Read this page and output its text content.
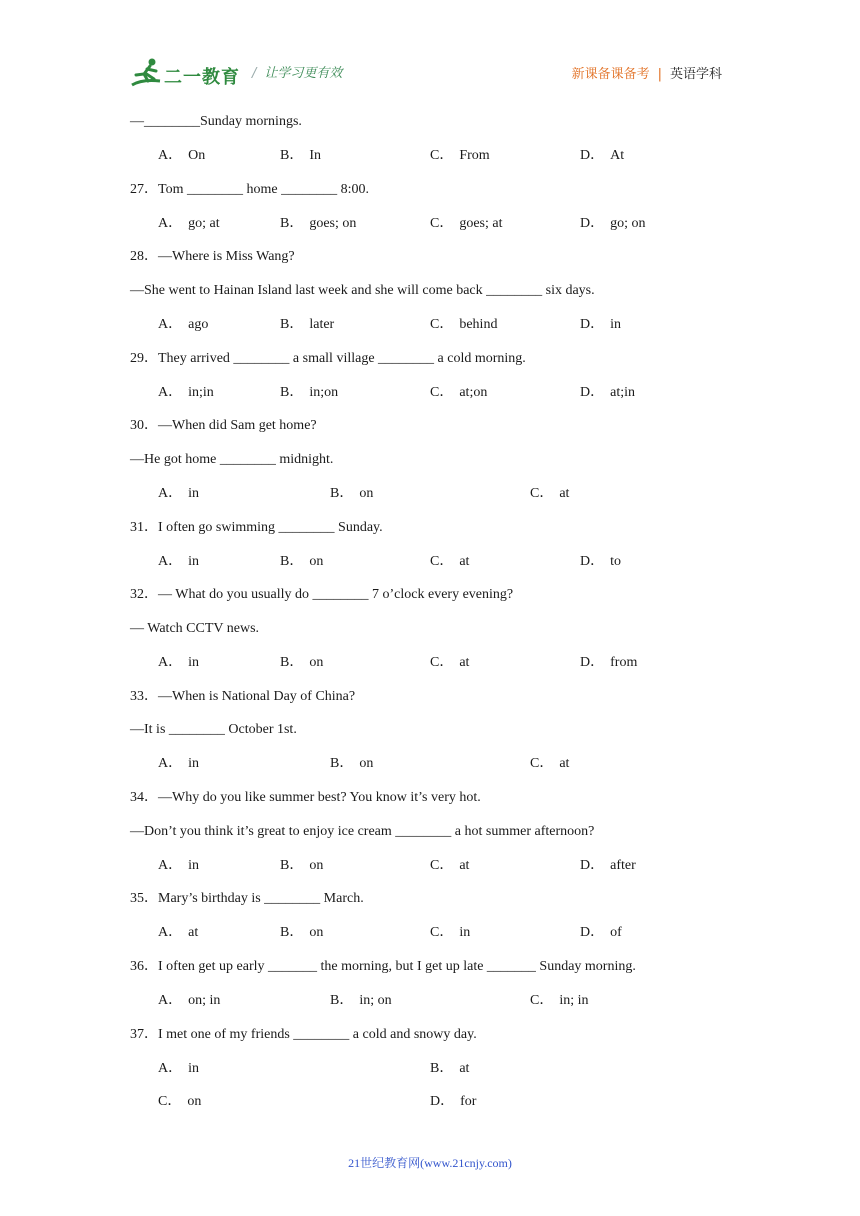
二一教育 / 让学习更有效	新课备课备考 | 英语学科
—________Sunday mornings.
A． On	B． In	C． From	D． At
27．Tom ________ home ________ 8:00.
A． go; at	B． goes; on	C． goes; at	D． go; on
28．—Where is Miss Wang?
—She went to Hainan Island last week and she will come back ________ six days.
A． ago	B． later	C． behind	D． in
29．They arrived ________ a small village ________ a cold morning.
A． in;in	B． in;on	C． at;on	D． at;in
30．—When did Sam get home?
—He got home ________ midnight.
A． in	B． on	C． at
31．I often go swimming ________ Sunday.
A． in	B． on	C． at	D． to
32．— What do you usually do ________ 7 o’clock every evening?
— Watch CCTV news.
A． in	B． on	C． at	D． from
33．—When is National Day of China?
—It is ________ October 1st.
A． in	B． on	C． at
34．—Why do you like summer best? You know it’s very hot.
—Don’t you think it’s great to enjoy ice cream ________ a hot summer afternoon?
A． in	B． on	C． at	D． after
35．Mary’s birthday is ________ March.
A． at	B． on	C． in	D． of
36．I often get up early _______ the morning, but I get up late _______ Sunday morning.
A． on; in	B． in; on	C． in; in
37．I met one of my friends ________ a cold and snowy day.
A． in	B． at
C． on	D． for
21世纪教育网(www.21cnjy.com)
